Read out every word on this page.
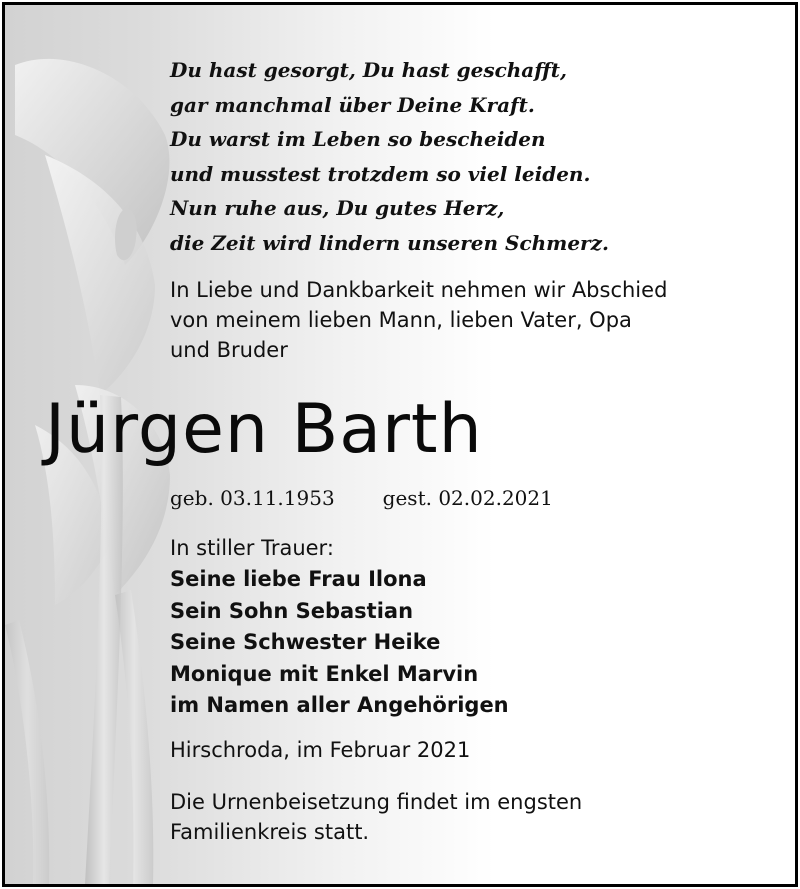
Du hast gesorgt, Du hast geschafft,
gar manchmal über Deine Kraft.
Du warst im Leben so bescheiden
und musstest trotzdem so viel leiden.
Nun ruhe aus, Du gutes Herz,
die Zeit wird lindern unseren Schmerz.
In Liebe und Dankbarkeit nehmen wir Abschied
von meinem lieben Mann, lieben Vater, Opa
und Bruder
Jürgen Barth
geb. 03.11.1953 gest. 02.02.2021
In stiller Trauer:
Seine liebe Frau Ilona
Sein Sohn Sebastian
Seine Schwester Heike
Monique mit Enkel Marvin
im Namen aller Angehörigen
Hirschroda, im Februar 2021
Die Urnenbeisetzung findet im engsten
Familienkreis statt.
